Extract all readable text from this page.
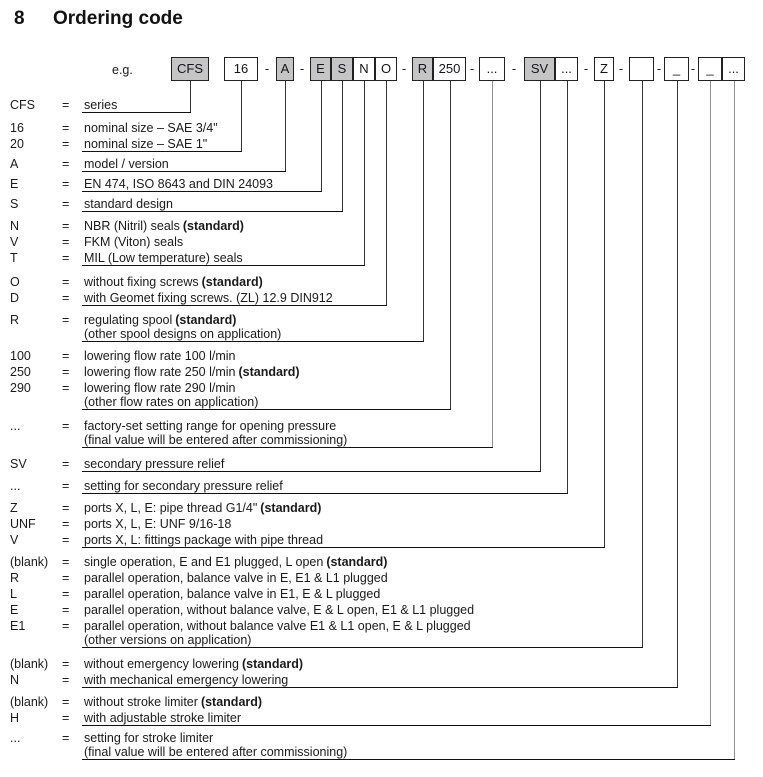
8 Ordering code
e.g.	CFS	16	A	E S N O	R 250	...	SV ...	Z	_	_	...
- -	-	-	-	- -	- -
CFS = series
16	= nominal size – SAE 3/4"
20	= nominal size – SAE 1"
A	= model / version
E	= EN 474, ISO 8643 and DIN 24093
S	= standard design
N	= NBR (Nitril) seals (standard)
V	= FKM (Viton) seals
T	= MIL (Low temperature) seals
O	= without fixing screws (standard)
D	= with Geomet fixing screws. (ZL) 12.9 DIN912
R	= regulating spool (standard)
(other spool designs on application)
100 = lowering flow rate 100 l/min
250 = lowering flow rate 250 l/min (standard)
290 = lowering flow rate 290 l/min
(other flow rates on application)
...	= factory-set setting range for opening pressure
(final value will be entered after commissioning)
SV	= secondary pressure relief
...	= setting for secondary pressure relief
Z	= ports X, L, E: pipe thread G1/4" (standard)
UNF = ports X, L, E: UNF 9/16-18
V	= ports X, L: fittings package with pipe thread
(blank) = single operation, E and E1 plugged, L open (standard)
R	= parallel operation, balance valve in E, E1 & L1 plugged
L	= parallel operation, balance valve in E1, E & L plugged
E	= parallel operation, without balance valve, E & L open, E1 & L1 plugged
E1	= parallel operation, without balance valve E1 & L1 open, E & L plugged
(other versions on application)
(blank) = without emergency lowering (standard)
N	= with mechanical emergency lowering
(blank) = without stroke limiter (standard)
H	= with adjustable stroke limiter
...	= setting for stroke limiter
(final value will be entered after commissioning)
